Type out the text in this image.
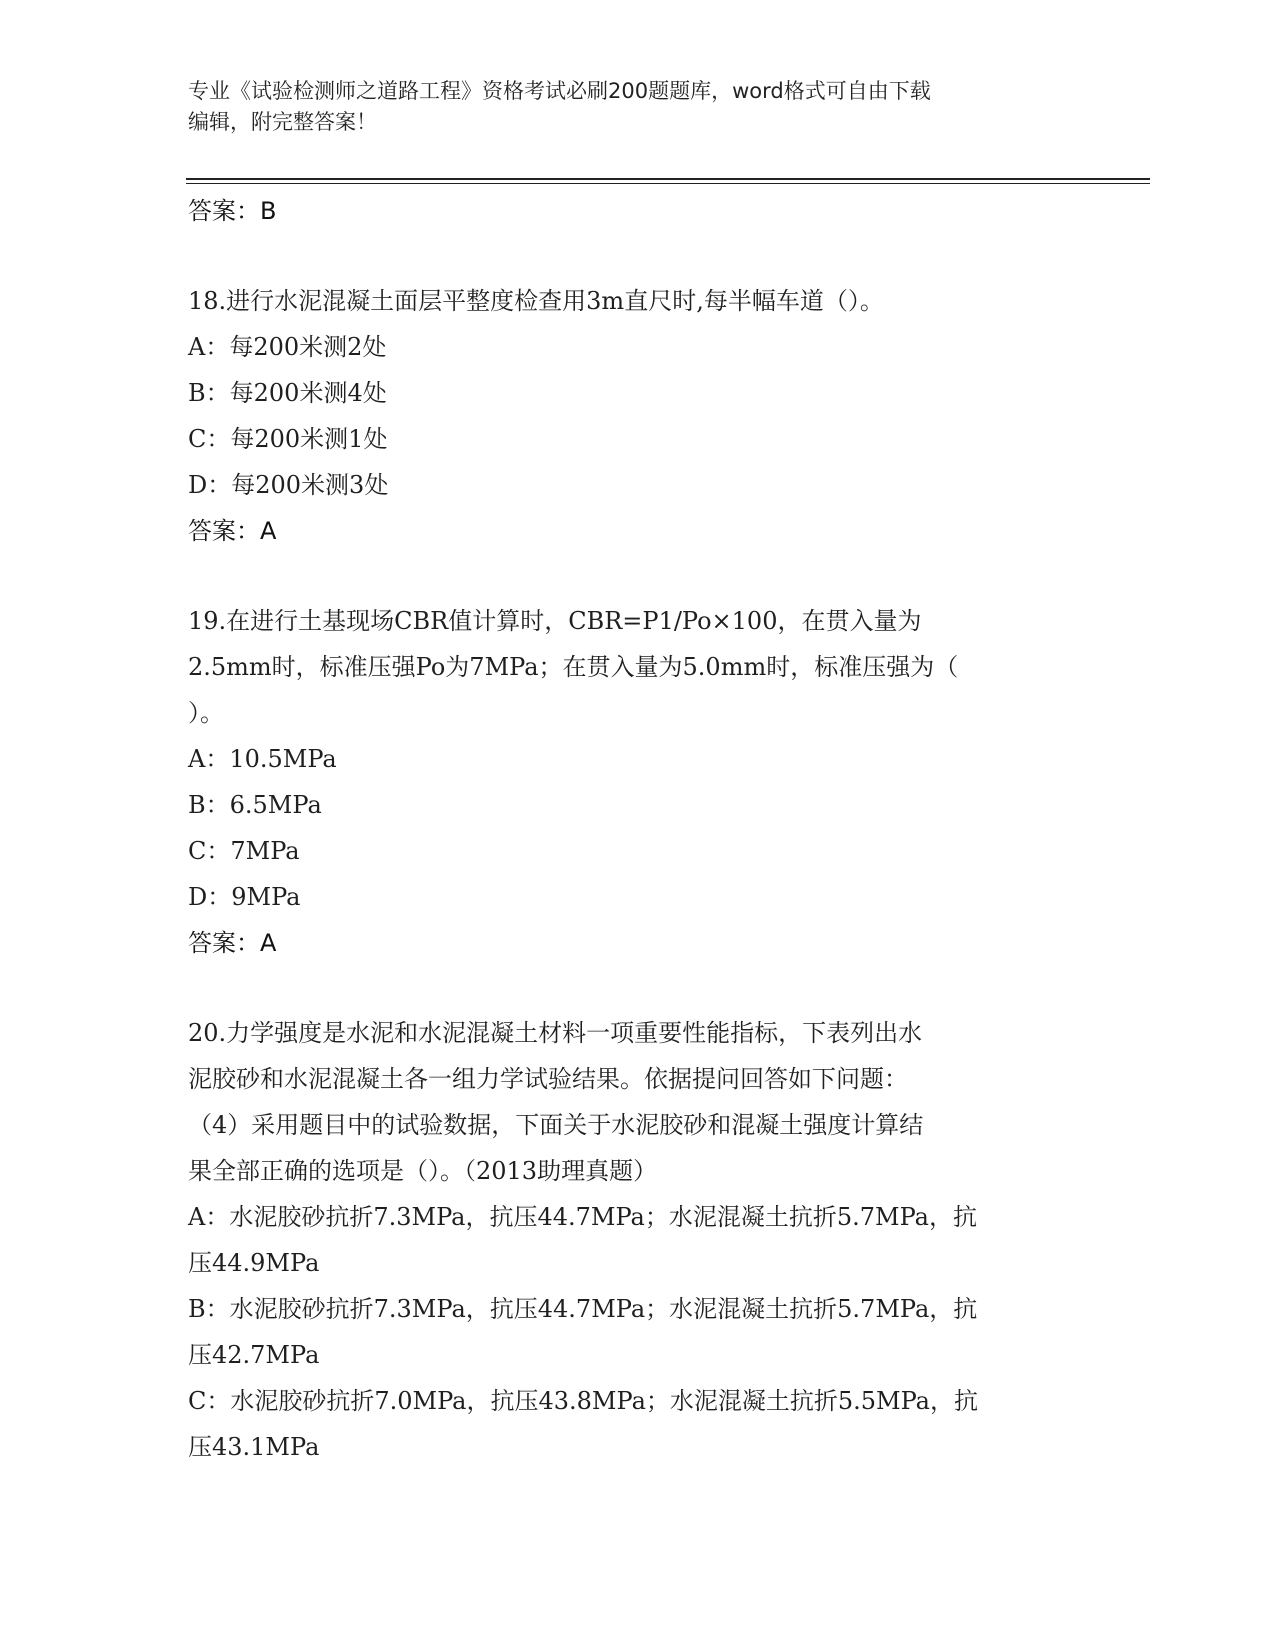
专业《试验检测师之道路工程》资格考试必刷200题题库，word格式可自由下载
编辑，附完整答案！
答案：B
18.进行水泥混凝土面层平整度检查用3m直尺时,每半幅车道（）。
A：每200米测2处
B：每200米测4处
C：每200米测1处
D：每200米测3处
答案：A
19.在进行土基现场CBR值计算时，CBR=P1/Po×100，在贯入量为
2.5mm时，标准压强Po为7MPa；在贯入量为5.0mm时，标准压强为（
）。
A：10.5MPa
B：6.5MPa
C：7MPa
D：9MPa
答案：A
20.力学强度是水泥和水泥混凝土材料一项重要性能指标，下表列出水
泥胶砂和水泥混凝土各一组力学试验结果。依据提问回答如下问题：
（4）采用题目中的试验数据，下面关于水泥胶砂和混凝土强度计算结
果全部正确的选项是（）。（2013助理真题）
A：水泥胶砂抗折7.3MPa，抗压44.7MPa；水泥混凝土抗折5.7MPa，抗
压44.9MPa
B：水泥胶砂抗折7.3MPa，抗压44.7MPa；水泥混凝土抗折5.7MPa，抗
压42.7MPa
C：水泥胶砂抗折7.0MPa，抗压43.8MPa；水泥混凝土抗折5.5MPa，抗
压43.1MPa
